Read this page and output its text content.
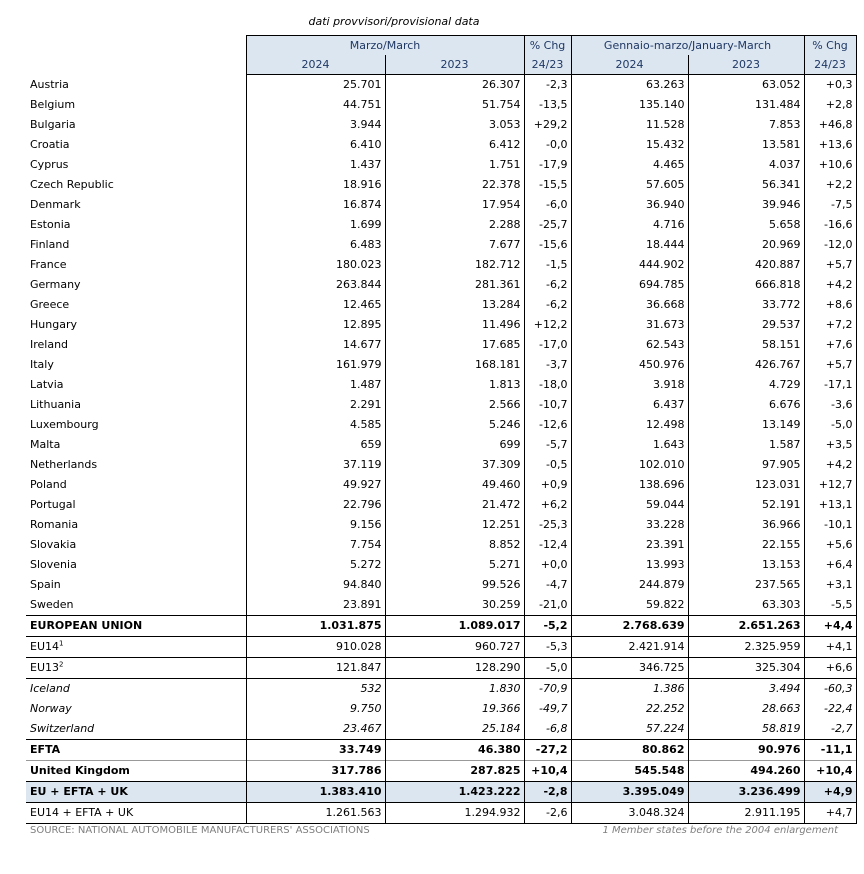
dati provvisori/provisional data
	Marzo/March		% Chg	Gennaio-marzo/January-March		% Chg
	2024	2023	24/23	2024	2023	24/23
Austria	25.701	26.307	-2,3	63.263	63.052	+0,3
Belgium	44.751	51.754	-13,5	135.140	131.484	+2,8
Bulgaria	3.944	3.053	+29,2	11.528	7.853	+46,8
Croatia	6.410	6.412	-0,0	15.432	13.581	+13,6
Cyprus	1.437	1.751	-17,9	4.465	4.037	+10,6
Czech Republic	18.916	22.378	-15,5	57.605	56.341	+2,2
Denmark	16.874	17.954	-6,0	36.940	39.946	-7,5
Estonia	1.699	2.288	-25,7	4.716	5.658	-16,6
Finland	6.483	7.677	-15,6	18.444	20.969	-12,0
France	180.023	182.712	-1,5	444.902	420.887	+5,7
Germany	263.844	281.361	-6,2	694.785	666.818	+4,2
Greece	12.465	13.284	-6,2	36.668	33.772	+8,6
Hungary	12.895	11.496	+12,2	31.673	29.537	+7,2
Ireland	14.677	17.685	-17,0	62.543	58.151	+7,6
Italy	161.979	168.181	-3,7	450.976	426.767	+5,7
Latvia	1.487	1.813	-18,0	3.918	4.729	-17,1
Lithuania	2.291	2.566	-10,7	6.437	6.676	-3,6
Luxembourg	4.585	5.246	-12,6	12.498	13.149	-5,0
Malta	659	699	-5,7	1.643	1.587	+3,5
Netherlands	37.119	37.309	-0,5	102.010	97.905	+4,2
Poland	49.927	49.460	+0,9	138.696	123.031	+12,7
Portugal	22.796	21.472	+6,2	59.044	52.191	+13,1
Romania	9.156	12.251	-25,3	33.228	36.966	-10,1
Slovakia	7.754	8.852	-12,4	23.391	22.155	+5,6
Slovenia	5.272	5.271	+0,0	13.993	13.153	+6,4
Spain	94.840	99.526	-4,7	244.879	237.565	+3,1
Sweden	23.891	30.259	-21,0	59.822	63.303	-5,5
EUROPEAN UNION	1.031.875	1.089.017	-5,2	2.768.639	2.651.263	+4,4
$EU14^1$	910.028	960.727	-5,3	2.421.914	2.325.959	+4,1
$EU13^2$	121.847	128.290	-5,0	346.725	325.304	+6,6
Iceland	532	1.830	-70,9	1.386	3.494	-60,3
Norway	9.750	19.366	-49,7	22.252	28.663	-22,4
Switzerland	23.467	25.184	-6,8	57.224	58.819	-2,7
EFTA	33.749	46.380	-27,2	80.862	90.976	-11,1
United Kingdom	317.786	287.825	+10,4	545.548	494.260	+10,4
EU + EFTA + UK	1.383.410	1.423.222	-2,8	3.395.049	3.236.499	+4,9
EU14 + EFTA + UK	1.261.563	1.294.932	-2,6	3.048.324	2.911.195	+4,7
SOURCE: NATIONAL AUTOMOBILE MANUFACTURERS' ASSOCIATIONS	1 Member states before the 2004 enlargement
